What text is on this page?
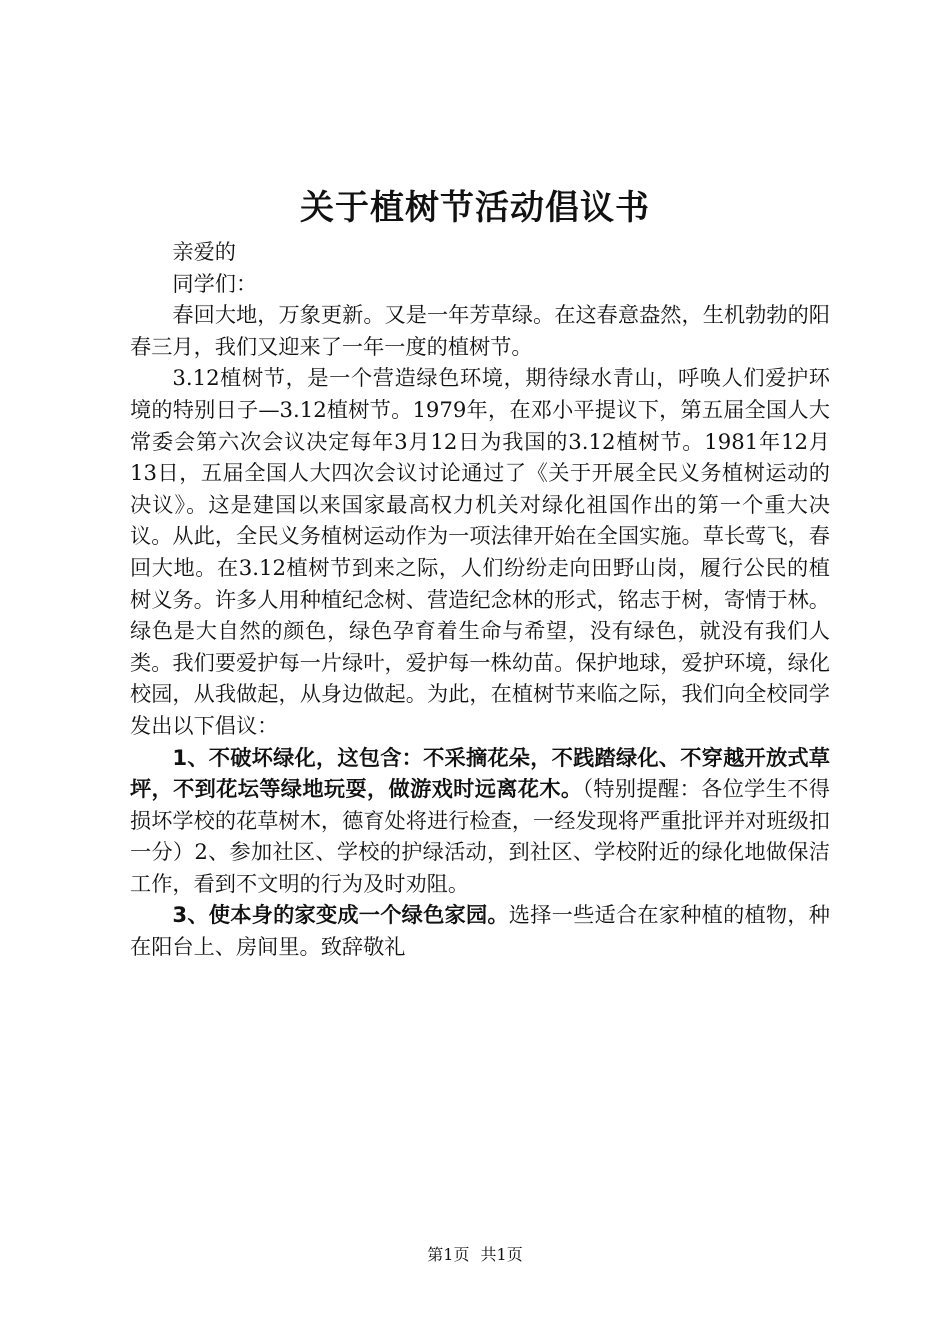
关于植树节活动倡议书

亲爱的

同学们：

春回大地，万象更新。又是一年芳草绿。在这春意盎然，生机勃勃的阳春三月，我们又迎来了一年一度的植树节。

3.12植树节，是一个营造绿色环境，期待绿水青山，呼唤人们爱护环境的特别日子—3.12植树节。1979年，在邓小平提议下，第五届全国人大常委会第六次会议决定每年3月12日为我国的3.12植树节。1981年12月13日，五届全国人大四次会议讨论通过了《关于开展全民义务植树运动的决议》。这是建国以来国家最高权力机关对绿化祖国作出的第一个重大决议。从此，全民义务植树运动作为一项法律开始在全国实施。草长莺飞，春回大地。在3.12植树节到来之际，人们纷纷走向田野山岗，履行公民的植树义务。许多人用种植纪念树、营造纪念林的形式，铭志于树，寄情于林。绿色是大自然的颜色，绿色孕育着生命与希望，没有绿色，就没有我们人类。我们要爱护每一片绿叶，爱护每一株幼苗。保护地球，爱护环境，绿化校园，从我做起，从身边做起。为此，在植树节来临之际，我们向全校同学发出以下倡议：

1、不破坏绿化，这包含：不采摘花朵，不践踏绿化、不穿越开放式草坪，不到花坛等绿地玩耍，做游戏时远离花木。（特别提醒：各位学生不得损坏学校的花草树木，德育处将进行检查，一经发现将严重批评并对班级扣一分）2、参加社区、学校的护绿活动，到社区、学校附近的绿化地做保洁工作，看到不文明的行为及时劝阻。

3、使本身的家变成一个绿色家园。选择一些适合在家种植的植物，种在阳台上、房间里。致辞敬礼

第1页 共1页
